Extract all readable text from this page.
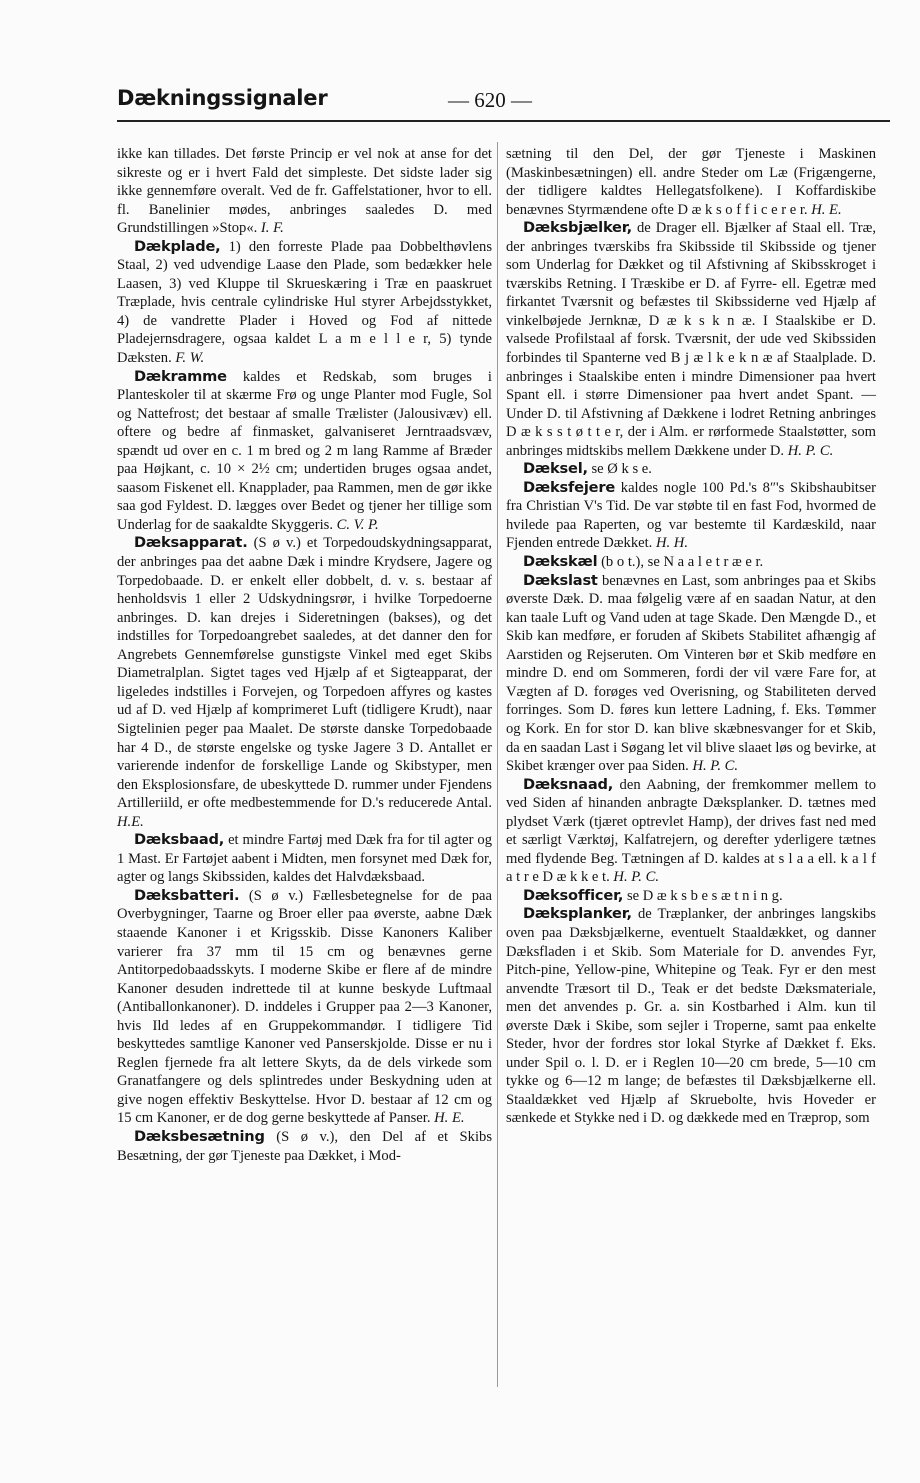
Dækningssignaler	— 620 —

ikke kan tillades. Det første Princip er vel nok at anse for det sikreste og er i hvert Fald det simpleste. Det sidste lader sig ikke gennemføre overalt. Ved de fr. Gaffelstationer, hvor to ell. fl. Banelinier mødes, anbringes saaledes D. med Grundstillingen »Stop«. I. F.

Dækplade, 1) den forreste Plade paa Dobbelthøvlens Staal, 2) ved udvendige Laase den Plade, som bedækker hele Laasen, 3) ved Kluppe til Skrueskæring i Træ en paaskruet Træplade, hvis centrale cylindriske Hul styrer Arbejdsstykket, 4) de vandrette Plader i Hoved og Fod af nittede Pladejernsdragere, ogsaa kaldet L a m e l l e r, 5) tynde Dæksten. F. W.

Dækramme kaldes et Redskab, som bruges i Planteskoler til at skærme Frø og unge Planter mod Fugle, Sol og Nattefrost; det bestaar af smalle Trælister (Jalousivæv) ell. oftere og bedre af finmasket, galvaniseret Jerntraadsvæv, spændt ud over en c. 1 m bred og 2 m lang Ramme af Bræder paa Højkant, c. 10 × 2½ cm; undertiden bruges ogsaa andet, saasom Fiskenet ell. Knapplader, paa Rammen, men de gør ikke saa god Fyldest. D. lægges over Bedet og tjener her tillige som Underlag for de saakaldte Skyggeris. C. V. P.

Dæksapparat. (S ø v.) et Torpedoudskydningsapparat, der anbringes paa det aabne Dæk i mindre Krydsere, Jagere og Torpedobaade. D. er enkelt eller dobbelt, d. v. s. bestaar af henholdsvis 1 eller 2 Udskydningsrør, i hvilke Torpedoerne anbringes. D. kan drejes i Sideretningen (bakses), og det indstilles for Torpedoangrebet saaledes, at det danner den for Angrebets Gennemførelse gunstigste Vinkel med eget Skibs Diametralplan. Sigtet tages ved Hjælp af et Sigteapparat, der ligeledes indstilles i Forvejen, og Torpedoen affyres og kastes ud af D. ved Hjælp af komprimeret Luft (tidligere Krudt), naar Sigtelinien peger paa Maalet. De største danske Torpedobaade har 4 D., de største engelske og tyske Jagere 3 D. Antallet er varierende indenfor de forskellige Lande og Skibstyper, men den Eksplosionsfare, de ubeskyttede D. rummer under Fjendens Artilleriild, er ofte medbestemmende for D.'s reducerede Antal. H.E.

Dæksbaad, et mindre Fartøj med Dæk fra for til agter og 1 Mast. Er Fartøjet aabent i Midten, men forsynet med Dæk for, agter og langs Skibssiden, kaldes det Halvdæksbaad.

Dæksbatteri. (S ø v.) Fællesbetegnelse for de paa Overbygninger, Taarne og Broer eller paa øverste, aabne Dæk staaende Kanoner i et Krigsskib. Disse Kanoners Kaliber varierer fra 37 mm til 15 cm og benævnes gerne Antitorpedobaadsskyts. I moderne Skibe er flere af de mindre Kanoner desuden indrettede til at kunne beskyde Luftmaal (Antiballonkanoner). D. inddeles i Grupper paa 2—3 Kanoner, hvis Ild ledes af en Gruppekommandør. I tidligere Tid beskyttedes samtlige Kanoner ved Panserskjolde. Disse er nu i Reglen fjernede fra alt lettere Skyts, da de dels virkede som Granatfangere og dels splintredes under Beskydning uden at give nogen effektiv Beskyttelse. Hvor D. bestaar af 12 cm og 15 cm Kanoner, er de dog gerne beskyttede af Panser. H. E.

Dæksbesætning (S ø v.), den Del af et Skibs Besætning, der gør Tjeneste paa Dækket, i Mod-

sætning til den Del, der gør Tjeneste i Maskinen (Maskinbesætningen) ell. andre Steder om Læ (Frigængerne, der tidligere kaldtes Hellegatsfolkene). I Koffardiskibe benævnes Styrmændene ofte D æ k s o f f i c e r e r. H. E.

Dæksbjælker, de Drager ell. Bjælker af Staal ell. Træ, der anbringes tværskibs fra Skibsside til Skibsside og tjener som Underlag for Dækket og til Afstivning af Skibsskroget i tværskibs Retning. I Træskibe er D. af Fyrre- ell. Egetræ med firkantet Tværsnit og befæstes til Skibssiderne ved Hjælp af vinkelbøjede Jernknæ, D æ k s k n æ. I Staalskibe er D. valsede Profilstaal af forsk. Tværsnit, der ude ved Skibssiden forbindes til Spanterne ved B j æ l k e k n æ af Staalplade. D. anbringes i Staalskibe enten i mindre Dimensioner paa hvert Spant ell. i større Dimensioner paa hvert andet Spant. — Under D. til Afstivning af Dækkene i lodret Retning anbringes D æ k s s t ø t t e r, der i Alm. er rørformede Staalstøtter, som anbringes midtskibs mellem Dækkene under D. H. P. C.

Dæksel, se Ø k s e.

Dæksfejere kaldes nogle 100 Pd.'s 8″'s Skibshaubitser fra Christian V's Tid. De var støbte til en fast Fod, hvormed de hvilede paa Raperten, og var bestemte til Kardæskild, naar Fjenden entrede Dækket. H. H.

Dækskæl (b o t.), se N a a l e t r æ e r.

Dækslast benævnes en Last, som anbringes paa et Skibs øverste Dæk. D. maa følgelig være af en saadan Natur, at den kan taale Luft og Vand uden at tage Skade. Den Mængde D., et Skib kan medføre, er foruden af Skibets Stabilitet afhængig af Aarstiden og Rejseruten. Om Vinteren bør et Skib medføre en mindre D. end om Sommeren, fordi der vil være Fare for, at Vægten af D. forøges ved Overisning, og Stabiliteten derved forringes. Som D. føres kun lettere Ladning, f. Eks. Tømmer og Kork. En for stor D. kan blive skæbnesvanger for et Skib, da en saadan Last i Søgang let vil blive slaaet løs og bevirke, at Skibet krænger over paa Siden. H. P. C.

Dæksnaad, den Aabning, der fremkommer mellem to ved Siden af hinanden anbragte Dæksplanker. D. tætnes med plydset Værk (tjæret optrevlet Hamp), der drives fast ned med et særligt Værktøj, Kalfatrejern, og derefter yderligere tætnes med flydende Beg. Tætningen af D. kaldes at s l a a ell. k a l f a t r e D æ k k e t. H. P. C.

Dæksofficer, se D æ k s b e s æ t n i n g.

Dæksplanker, de Træplanker, der anbringes langskibs oven paa Dæksbjælkerne, eventuelt Staaldækket, og danner Dæksfladen i et Skib. Som Materiale for D. anvendes Fyr, Pitch-pine, Yellow-pine, Whitepine og Teak. Fyr er den mest anvendte Træsort til D., Teak er det bedste Dæksmateriale, men det anvendes p. Gr. a. sin Kostbarhed i Alm. kun til øverste Dæk i Skibe, som sejler i Troperne, samt paa enkelte Steder, hvor der fordres stor lokal Styrke af Dækket f. Eks. under Spil o. l. D. er i Reglen 10—20 cm brede, 5—10 cm tykke og 6—12 m lange; de befæstes til Dæksbjælkerne ell. Staaldækket ved Hjælp af Skruebolte, hvis Hoveder er sænkede et Stykke ned i D. og dækkede med en Træprop, som
